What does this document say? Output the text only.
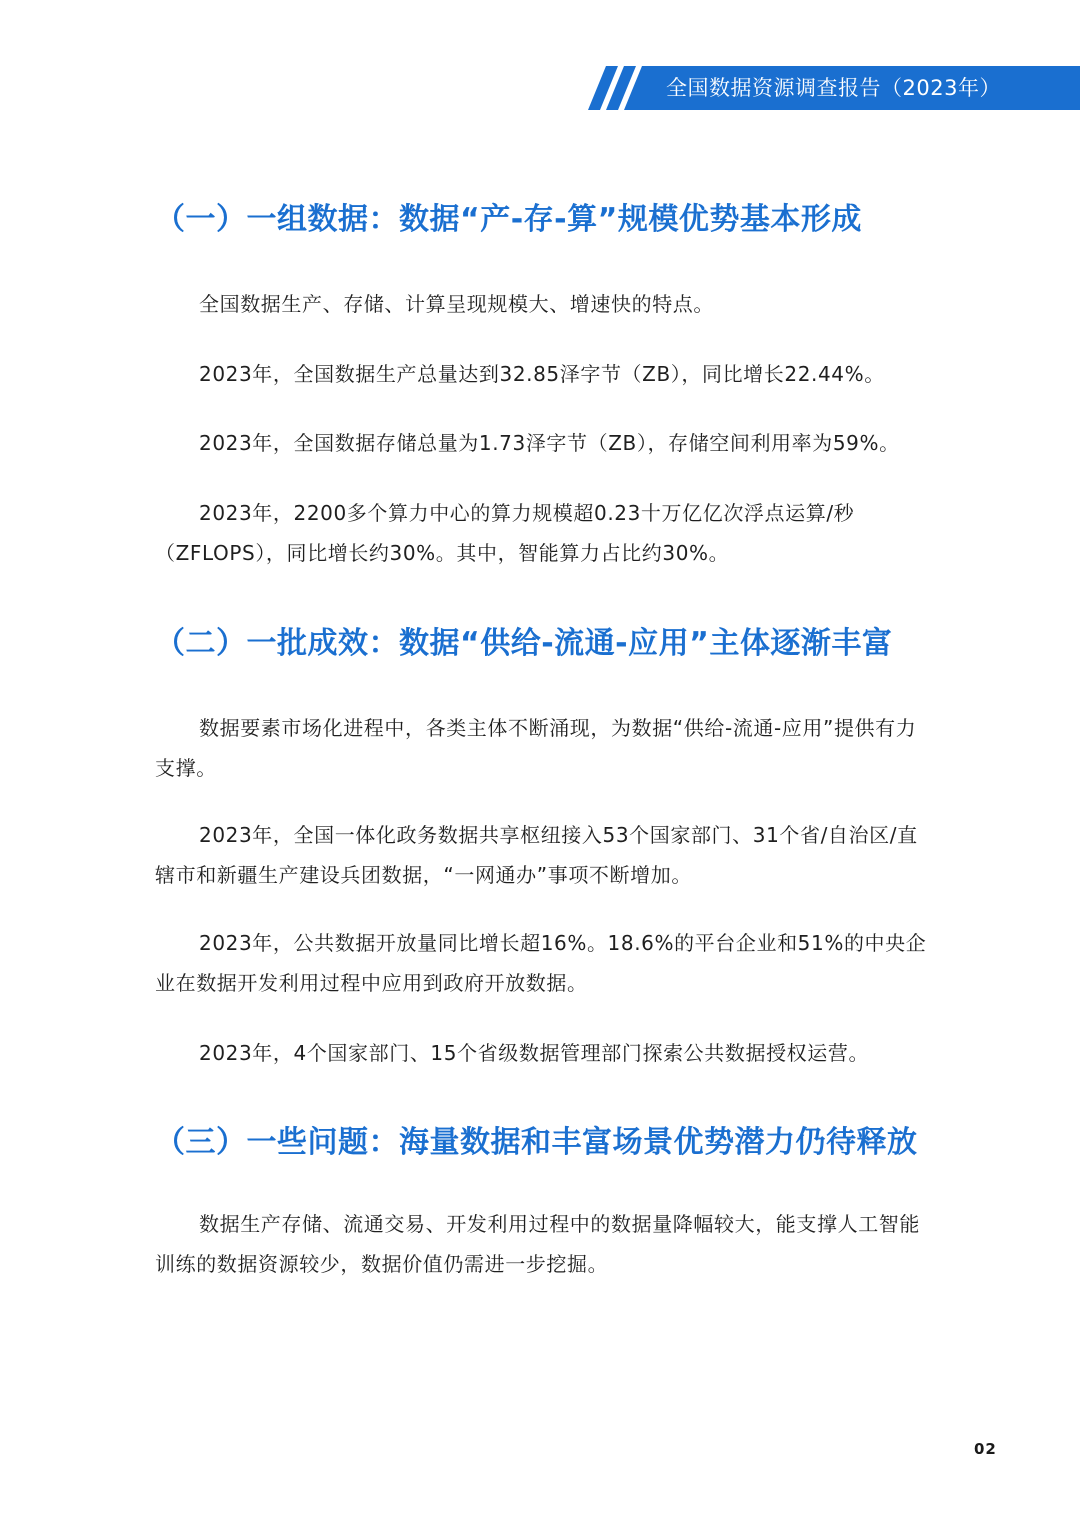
全国数据资源调查报告（2023年）
（一）一组数据：数据“产-存-算”规模优势基本形成

全国数据生产、存储、计算呈现规模大、增速快的特点。

2023年，全国数据生产总量达到32.85泽字节（ZB），同比增长22.44%。

2023年，全国数据存储总量为1.73泽字节（ZB），存储空间利用率为59%。

2023年，2200多个算力中心的算力规模超0.23十万亿亿次浮点运算/秒（ZFLOPS），同比增长约30%。其中，智能算力占比约30%。

（二）一批成效：数据“供给-流通-应用”主体逐渐丰富

数据要素市场化进程中，各类主体不断涌现，为数据“供给-流通-应用”提供有力支撑。

2023年，全国一体化政务数据共享枢纽接入53个国家部门、31个省/自治区/直辖市和新疆生产建设兵团数据，“一网通办”事项不断增加。

2023年，公共数据开放量同比增长超16%。18.6%的平台企业和51%的中央企业在数据开发利用过程中应用到政府开放数据。

2023年，4个国家部门、15个省级数据管理部门探索公共数据授权运营。

（三）一些问题：海量数据和丰富场景优势潜力仍待释放

数据生产存储、流通交易、开发利用过程中的数据量降幅较大，能支撑人工智能训练的数据资源较少，数据价值仍需进一步挖掘。

02
